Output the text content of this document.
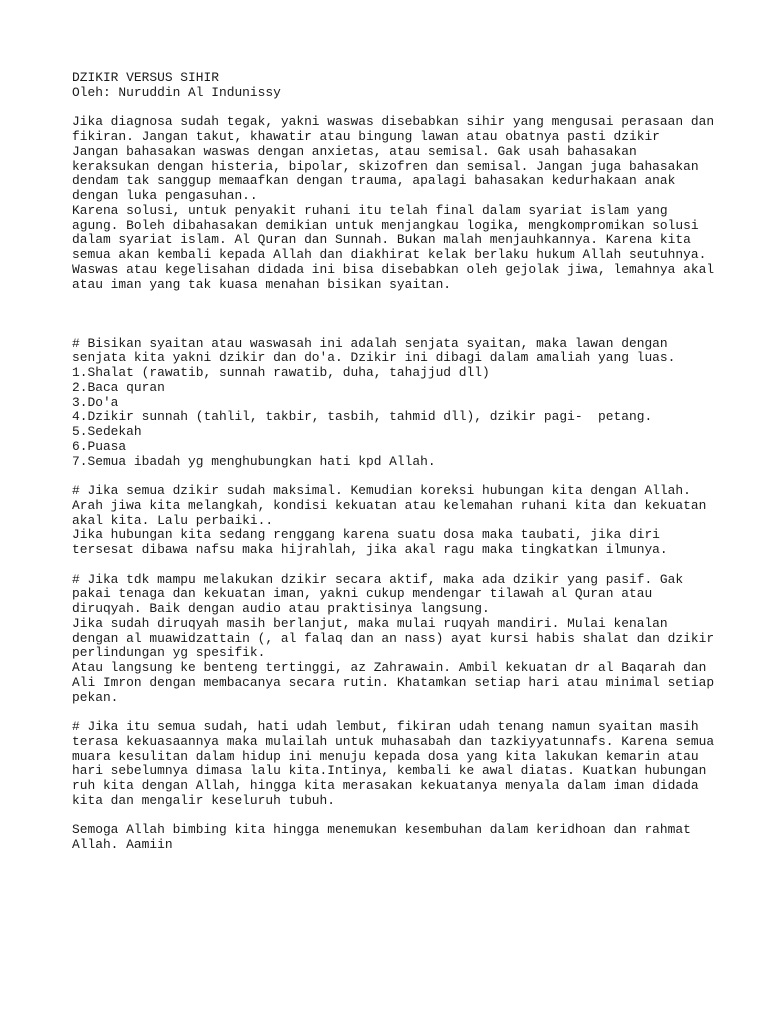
DZIKIR VERSUS SIHIR
Oleh: Nuruddin Al Indunissy
Jika diagnosa sudah tegak, yakni waswas disebabkan sihir yang mengusai perasaan dan
fikiran. Jangan takut, khawatir atau bingung lawan atau obatnya pasti dzikir
Jangan bahasakan waswas dengan anxietas, atau semisal. Gak usah bahasakan
keraksukan dengan histeria, bipolar, skizofren dan semisal. Jangan juga bahasakan
dendam tak sanggup memaafkan dengan trauma, apalagi bahasakan kedurhakaan anak
dengan luka pengasuhan..
Karena solusi, untuk penyakit ruhani itu telah final dalam syariat islam yang
agung. Boleh dibahasakan demikian untuk menjangkau logika, mengkompromikan solusi
dalam syariat islam. Al Quran dan Sunnah. Bukan malah menjauhkannya. Karena kita
semua akan kembali kepada Allah dan diakhirat kelak berlaku hukum Allah seutuhnya.
Waswas atau kegelisahan didada ini bisa disebabkan oleh gejolak jiwa, lemahnya akal
atau iman yang tak kuasa menahan bisikan syaitan.
# Bisikan syaitan atau waswasah ini adalah senjata syaitan, maka lawan dengan
senjata kita yakni dzikir dan do'a. Dzikir ini dibagi dalam amaliah yang luas.
1.Shalat (rawatib, sunnah rawatib, duha, tahajjud dll)
2.Baca quran
3.Do'a
4.Dzikir sunnah (tahlil, takbir, tasbih, tahmid dll), dzikir pagi-  petang.
5.Sedekah
6.Puasa
7.Semua ibadah yg menghubungkan hati kpd Allah.
# Jika semua dzikir sudah maksimal. Kemudian koreksi hubungan kita dengan Allah.
Arah jiwa kita melangkah, kondisi kekuatan atau kelemahan ruhani kita dan kekuatan
akal kita. Lalu perbaiki..
Jika hubungan kita sedang renggang karena suatu dosa maka taubati, jika diri
tersesat dibawa nafsu maka hijrahlah, jika akal ragu maka tingkatkan ilmunya.
# Jika tdk mampu melakukan dzikir secara aktif, maka ada dzikir yang pasif. Gak
pakai tenaga dan kekuatan iman, yakni cukup mendengar tilawah al Quran atau
diruqyah. Baik dengan audio atau praktisinya langsung.
Jika sudah diruqyah masih berlanjut, maka mulai ruqyah mandiri. Mulai kenalan
dengan al muawidzattain (, al falaq dan an nass) ayat kursi habis shalat dan dzikir
perlindungan yg spesifik.
Atau langsung ke benteng tertinggi, az Zahrawain. Ambil kekuatan dr al Baqarah dan
Ali Imron dengan membacanya secara rutin. Khatamkan setiap hari atau minimal setiap
pekan.
# Jika itu semua sudah, hati udah lembut, fikiran udah tenang namun syaitan masih
terasa kekuasaannya maka mulailah untuk muhasabah dan tazkiyyatunnafs. Karena semua
muara kesulitan dalam hidup ini menuju kepada dosa yang kita lakukan kemarin atau
hari sebelumnya dimasa lalu kita.Intinya, kembali ke awal diatas. Kuatkan hubungan
ruh kita dengan Allah, hingga kita merasakan kekuatanya menyala dalam iman didada
kita dan mengalir keseluruh tubuh.
Semoga Allah bimbing kita hingga menemukan kesembuhan dalam keridhoan dan rahmat
Allah. Aamiin
